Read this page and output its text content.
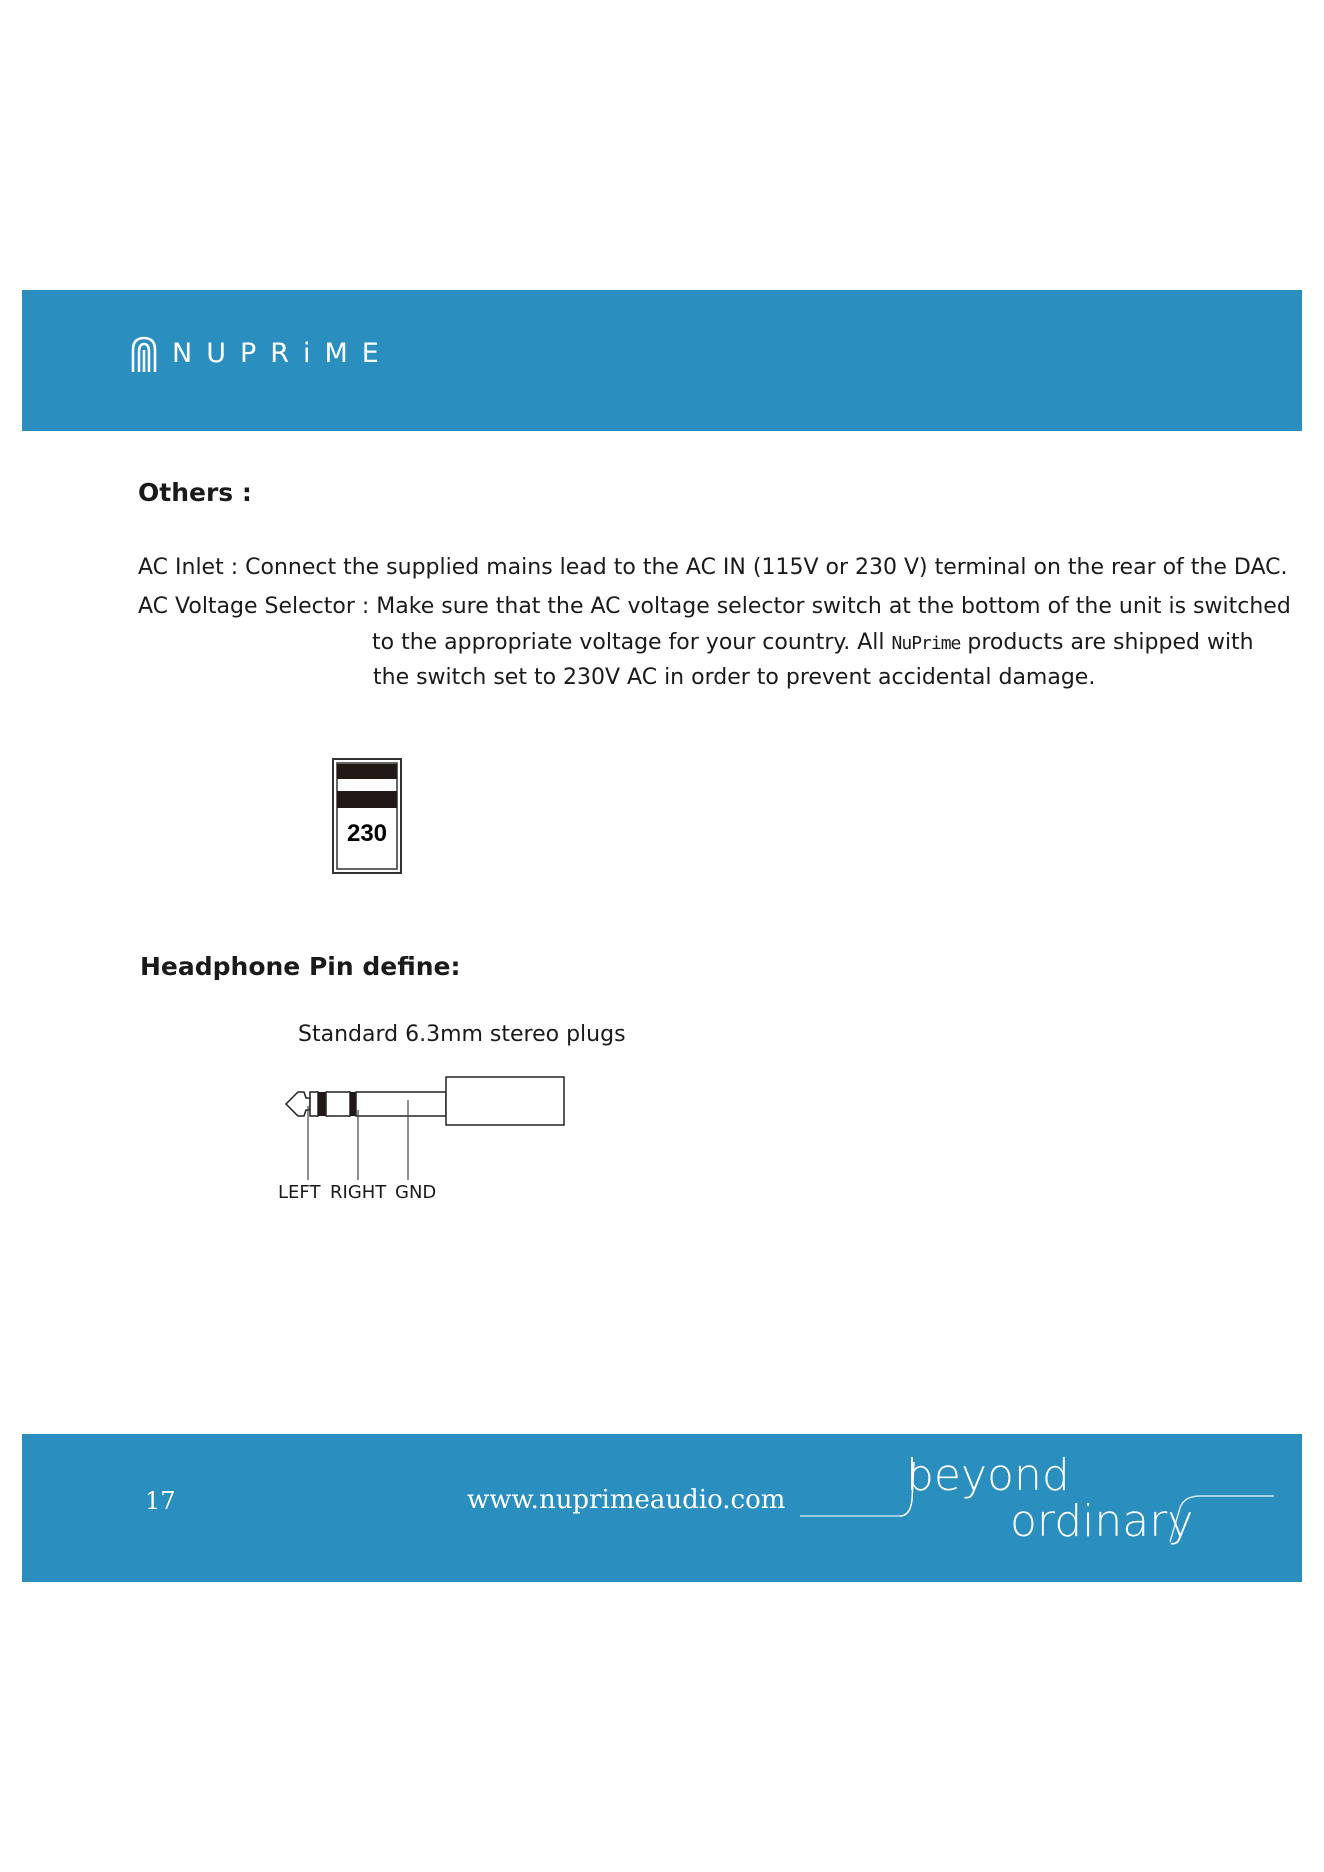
NUPRiME
Others :
AC Inlet : Connect the supplied mains lead to the AC IN (115V or 230 V) terminal on the rear of the DAC.
AC Voltage Selector : Make sure that the AC voltage selector switch at the bottom of the unit is switched
to the appropriate voltage for your country. All NuPrime products are shipped with
the switch set to 230V AC in order to prevent accidental damage.
230
Headphone Pin define:
Standard 6.3mm stereo plugs
LEFT RIGHT GND
17	www.nuprimeaudio.com	beyond
ordinary
